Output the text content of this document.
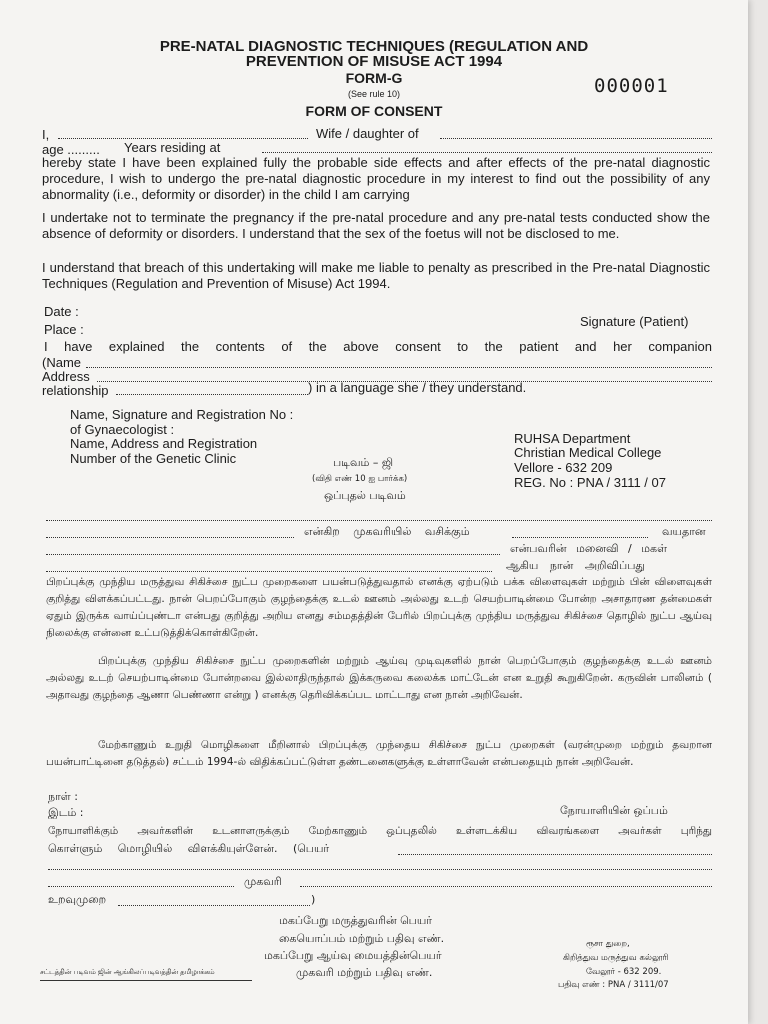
PRE-NATAL DIAGNOSTIC TECHNIQUES (REGULATION AND
PREVENTION OF MISUSE ACT 1994
FORM-G
(See rule 10)
FORM OF CONSENT
000001
I,	Wife / daughter of
age ......... Years residing at
hereby state I have been explained fully the probable side effects and after effects of the pre-natal diagnostic procedure, I wish to undergo the pre-natal diagnostic procedure in my interest to find out the possibility of any abnormality (i.e., deformity or disorder) in the child I am carrying
I undertake not to terminate the pregnancy if the pre-natal procedure and any pre-natal tests conducted show the absence of deformity or disorders. I understand that the sex of the foetus will not be disclosed to me.
I understand that breach of this undertaking will make me liable to penalty as prescribed in the Pre-natal Diagnostic Techniques (Regulation and Prevention of Misuse) Act 1994.
Date :
Place :
Signature (Patient)
I have explained the contents of the above consent to the patient and her companion
(Name
Address
relationship	) in a language she / they understand.
Name, Signature and Registration No :
of Gynaecologist :
Name, Address and Registration
Number of the Genetic Clinic
RUHSA Department
Christian Medical College
Vellore - 632 209
REG. No : PNA / 3111 / 07
படிவம் – ஜி
(விதி எண் 10 ஐ பார்க்க)
ஒப்புதல் படிவம்
என்கிற முகவரியில் வசிக்கும்	வயதான
என்பவரின் மனைவி / மகள்
ஆகிய நான் அறிவிப்பது
பிறப்புக்கு முந்திய மருத்துவ சிகிச்சை நுட்ப முறைகளை பயன்படுத்துவதால் எனக்கு ஏற்படும் பக்க விளைவுகள் மற்றும் பின் விளைவுகள் குறித்து விளக்கப்பட்டது. நான் பெறப்போகும் குழந்தைக்கு உடல் ஊனம் அல்லது உடற் செயற்பாடின்மை போன்ற அசாதாரண தன்மைகள் ஏதும் இருக்க வாய்ப்புண்டா என்பது குறித்து அறிய எனது சம்மதத்தின் பேரில் பிறப்புக்கு முந்திய மருத்துவ சிகிச்சை தொழில் நுட்ப ஆய்வு நிலைக்கு என்னை உட்படுத்திக்கொள்கிறேன்.
பிறப்புக்கு முந்திய சிகிச்சை நுட்ப முறைகளின் மற்றும் ஆய்வு முடிவுகளில் நான் பெறப்போகும் குழந்தைக்கு உடல் ஊனம் அல்லது உடற் செயற்பாடின்மை போன்றவை இல்லாதிருந்தால் இக்கருவை கலைக்க மாட்டேன் என உறுதி கூறுகிறேன். கருவின் பாலினம் ( அதாவது குழந்தை ஆணா பெண்ணா என்று ) எனக்கு தெரிவிக்கப்பட மாட்டாது என நான் அறிவேன்.
மேற்காணும் உறுதி மொழிகளை மீறினால் பிறப்புக்கு முந்தைய சிகிச்சை நுட்ப முறைகள் (வரன்முறை மற்றும் தவறான பயன்பாட்டினை தடுத்தல்) சட்டம் 1994-ல் விதிக்கப்பட்டுள்ள தண்டனைகளுக்கு உள்ளாவேன் என்பதையும் நான் அறிவேன்.
நாள் :
இடம் :	நோயாளியின் ஒப்பம்
நோயாளிக்கும் அவர்களின் உடனாளருக்கும் மேற்காணும் ஒப்புதலில் உள்ளடக்கிய விவரங்களை அவர்கள் புரிந்து
கொள்ளும் மொழியில் விளக்கியுள்ளேன். (பெயர்
முகவரி
உறவுமுறை	)
மகப்பேறு மருத்துவரின் பெயர்
கையொப்பம் மற்றும் பதிவு எண்.
மகப்பேறு ஆய்வு மையத்தின்பெயர்
முகவரி மற்றும் பதிவு எண்.
ரூசா துறை,
கிறித்துவ மருத்துவ கல்லூரி
வேலூர் - 632 209.
பதிவு எண் : PNA / 3111/07
சட்டத்தின் படிவம் ஜின் ஆங்கிலப்படிவத்தின் தமிழாக்கம்
